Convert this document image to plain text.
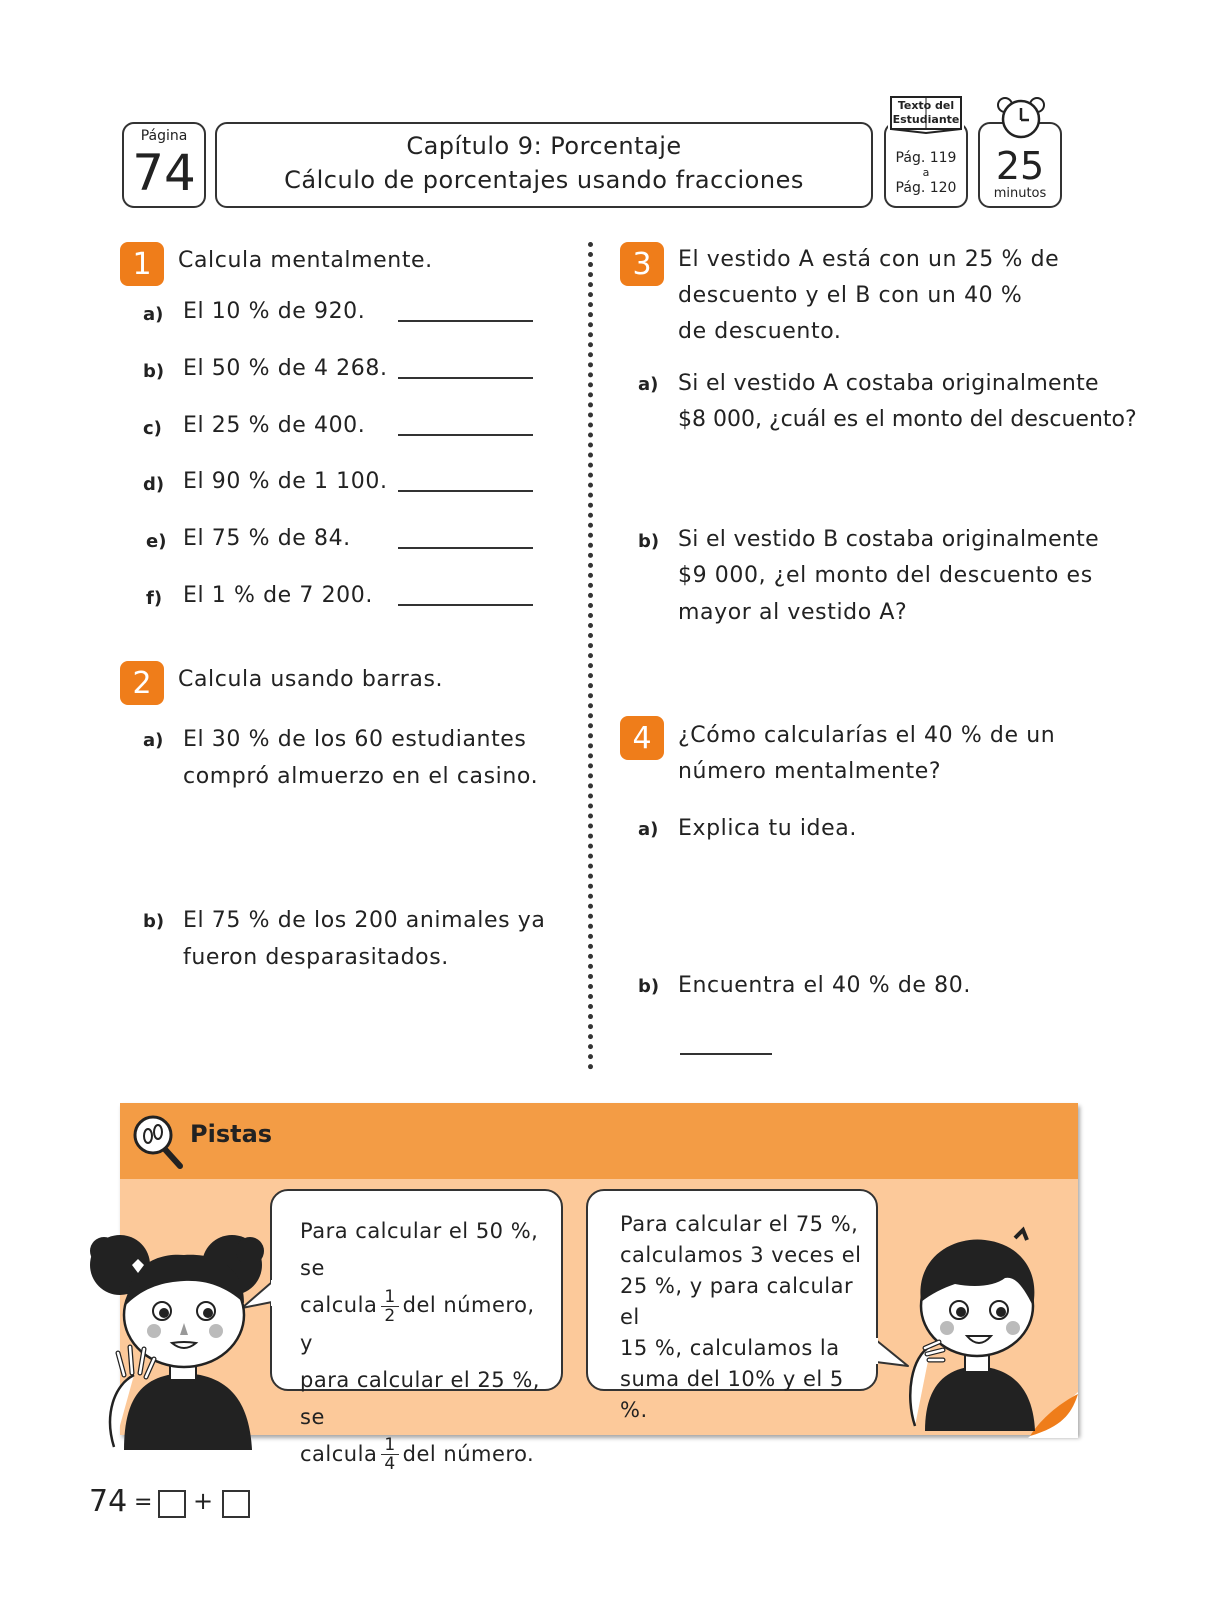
Página
74	Capítulo 9: Porcentaje
Cálculo de porcentajes usando fracciones
Pág. 119
a
Pág. 120
Texto del
Estudiante
25
minutos
1	Calcula mentalmente.
a) El 10 % de 920.
b) El 50 % de 4 268.
c) El 25 % de 400.
d) El 90 % de 1 100.
e) El 75 % de 84.
f) El 1 % de 7 200.
2	Calcula usando barras.
a) El 30 % de los 60 estudiantes
compró almuerzo en el casino.
b) El 75 % de los 200 animales ya
fueron desparasitados.
3	El vestido A está con un 25 % de
descuento y el B con un 40 %
de descuento.
a) Si el vestido A costaba originalmente
$8 000, ¿cuál es el monto del descuento?
b) Si el vestido B costaba originalmente
$9 000, ¿el monto del descuento es
mayor al vestido A?
4	¿Cómo calcularías el 40 % de un
número mentalmente?
a) Explica tu idea.
b) Encuentra el 40 % de 80.
Pistas
Para calcular el 50 %, se
calcula $\frac{1}{2}$ del número, y
para calcular el 25 %, se
calcula $\frac{1}{4}$ del número.
Para calcular el 75 %,
calculamos 3 veces el
25 %, y para calcular el
15 %, calculamos la
suma del 10% y el 5 %.
74 = +
